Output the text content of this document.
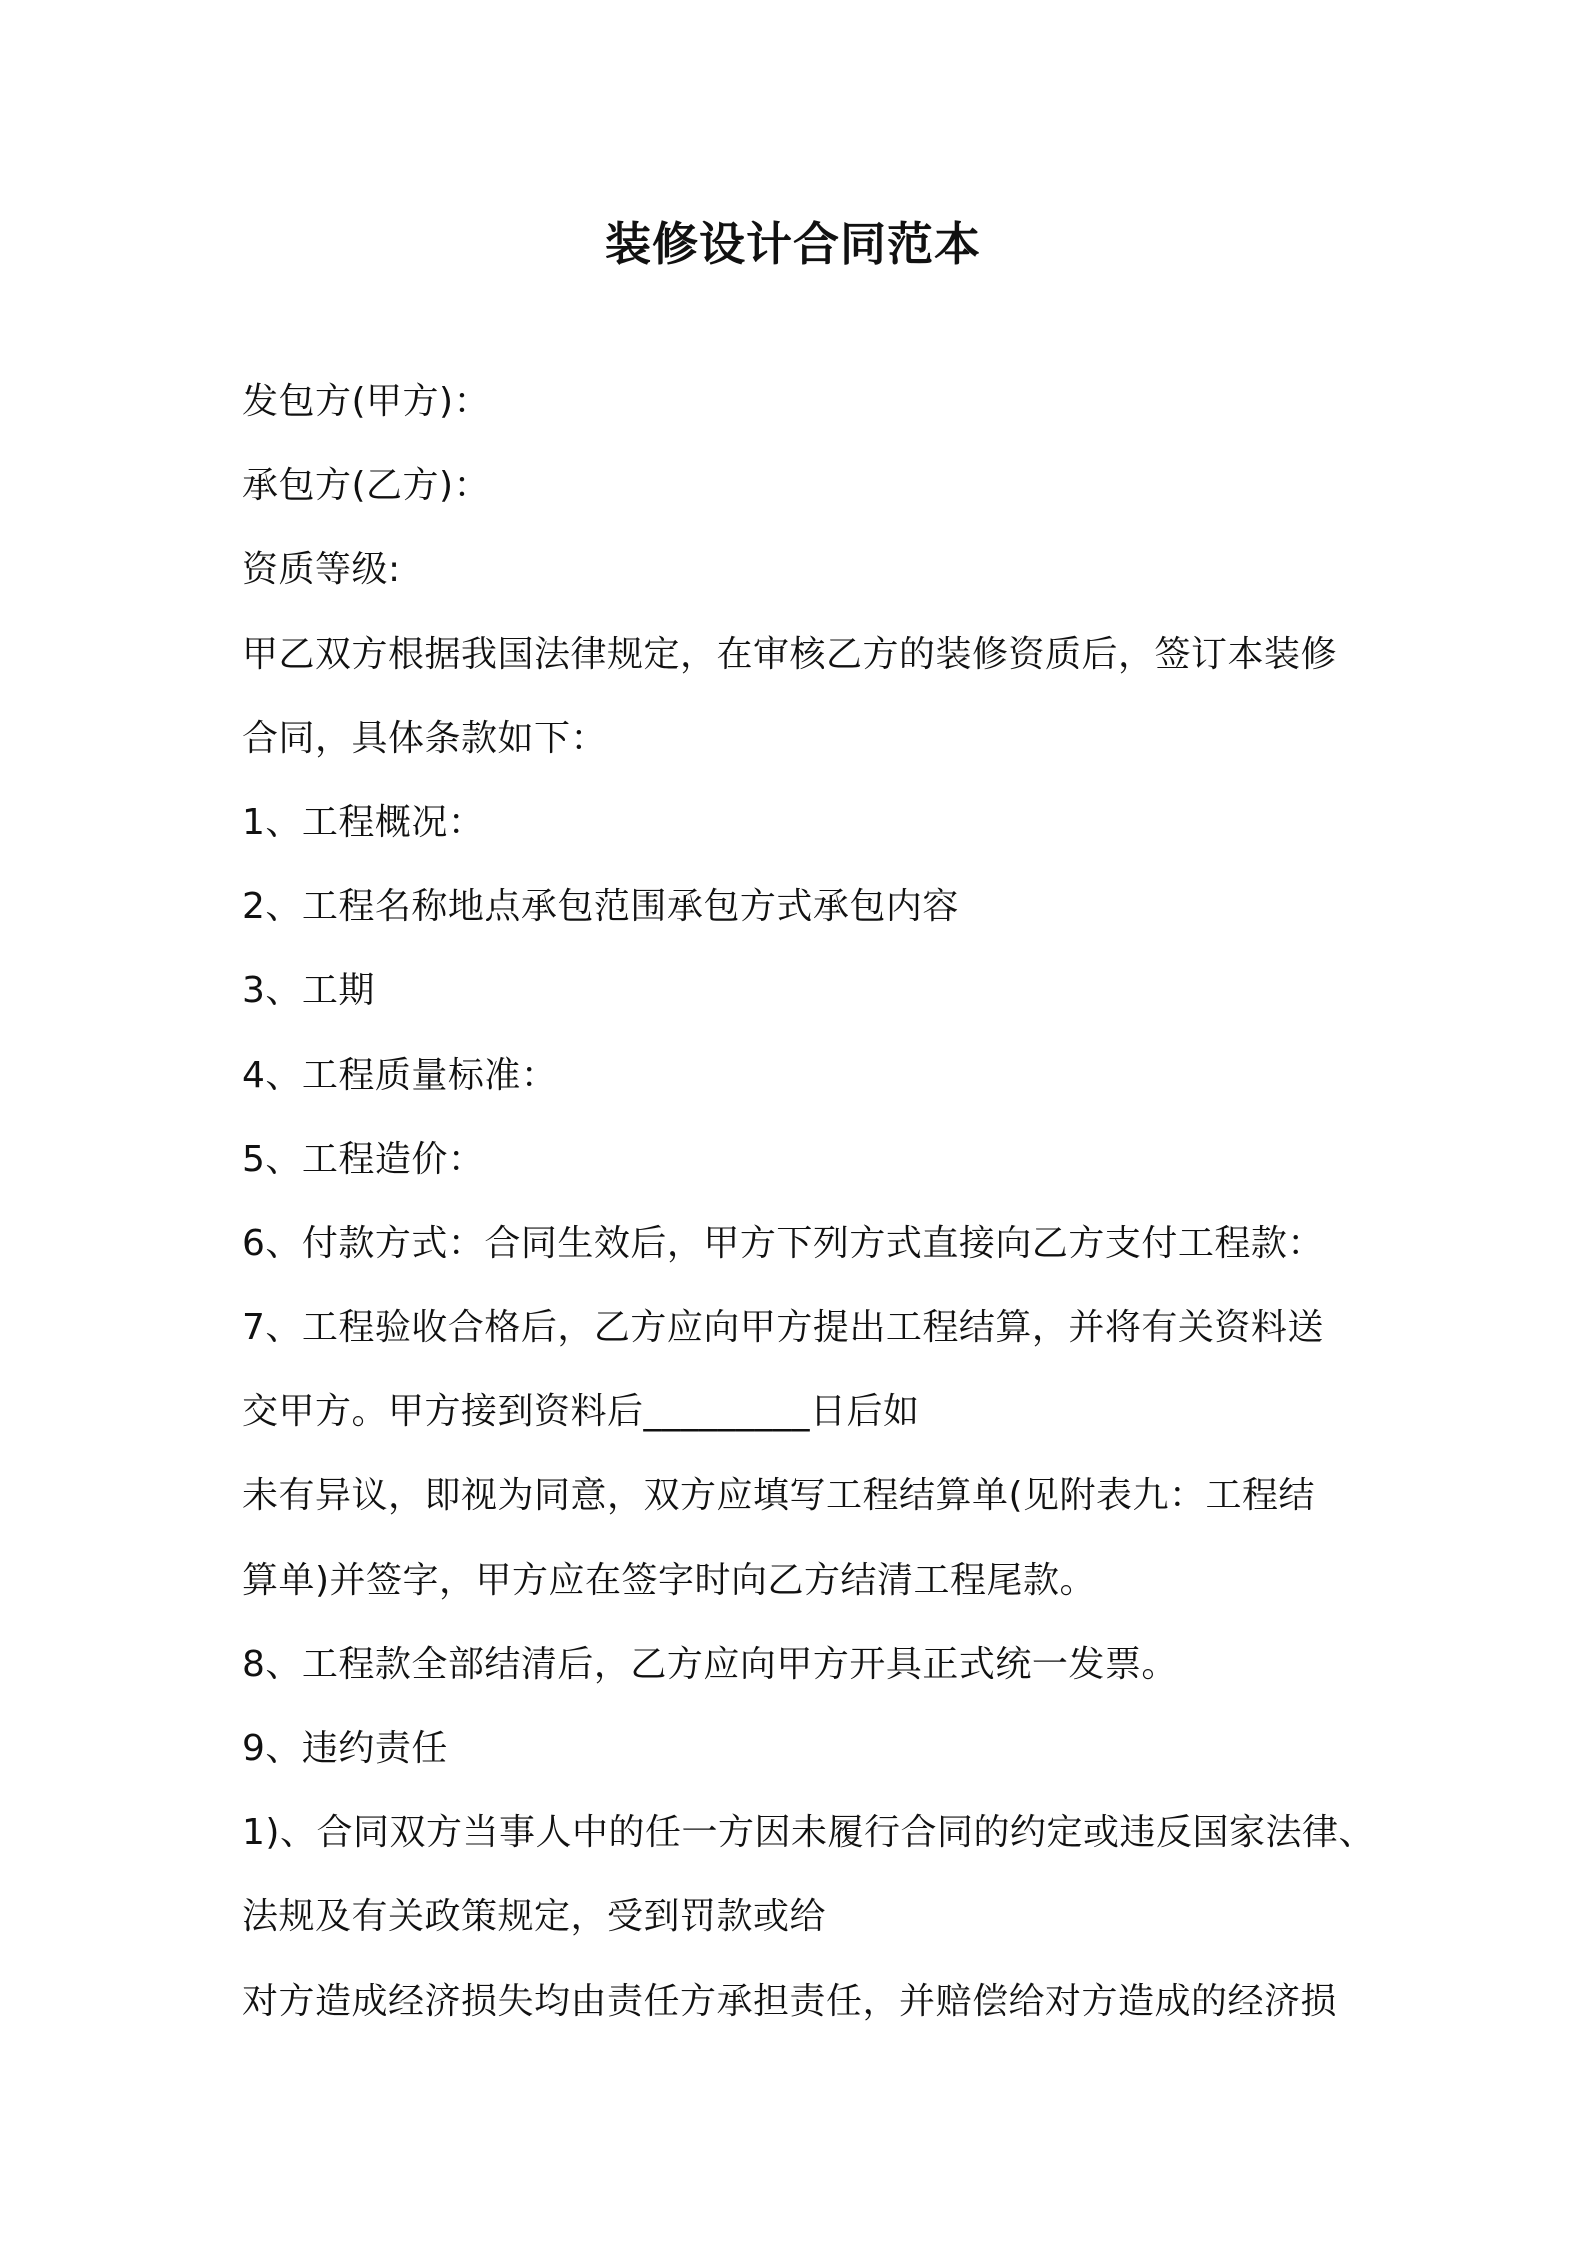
装修设计合同范本

发包方(甲方)：

承包方(乙方)：

资质等级:

甲乙双方根据我国法律规定，在审核乙方的装修资质后，签订本装修

合同，具体条款如下：

1、工程概况：

2、工程名称地点承包范围承包方式承包内容

3、工期

4、工程质量标准：

5、工程造价：

6、付款方式：合同生效后，甲方下列方式直接向乙方支付工程款：

7、工程验收合格后，乙方应向甲方提出工程结算，并将有关资料送

交甲方。甲方接到资料后_________日后如

未有异议，即视为同意，双方应填写工程结算单(见附表九：工程结

算单)并签字，甲方应在签字时向乙方结清工程尾款。

8、工程款全部结清后，乙方应向甲方开具正式统一发票。

9、违约责任

1)、合同双方当事人中的任一方因未履行合同的约定或违反国家法律、

法规及有关政策规定，受到罚款或给

对方造成经济损失均由责任方承担责任，并赔偿给对方造成的经济损
